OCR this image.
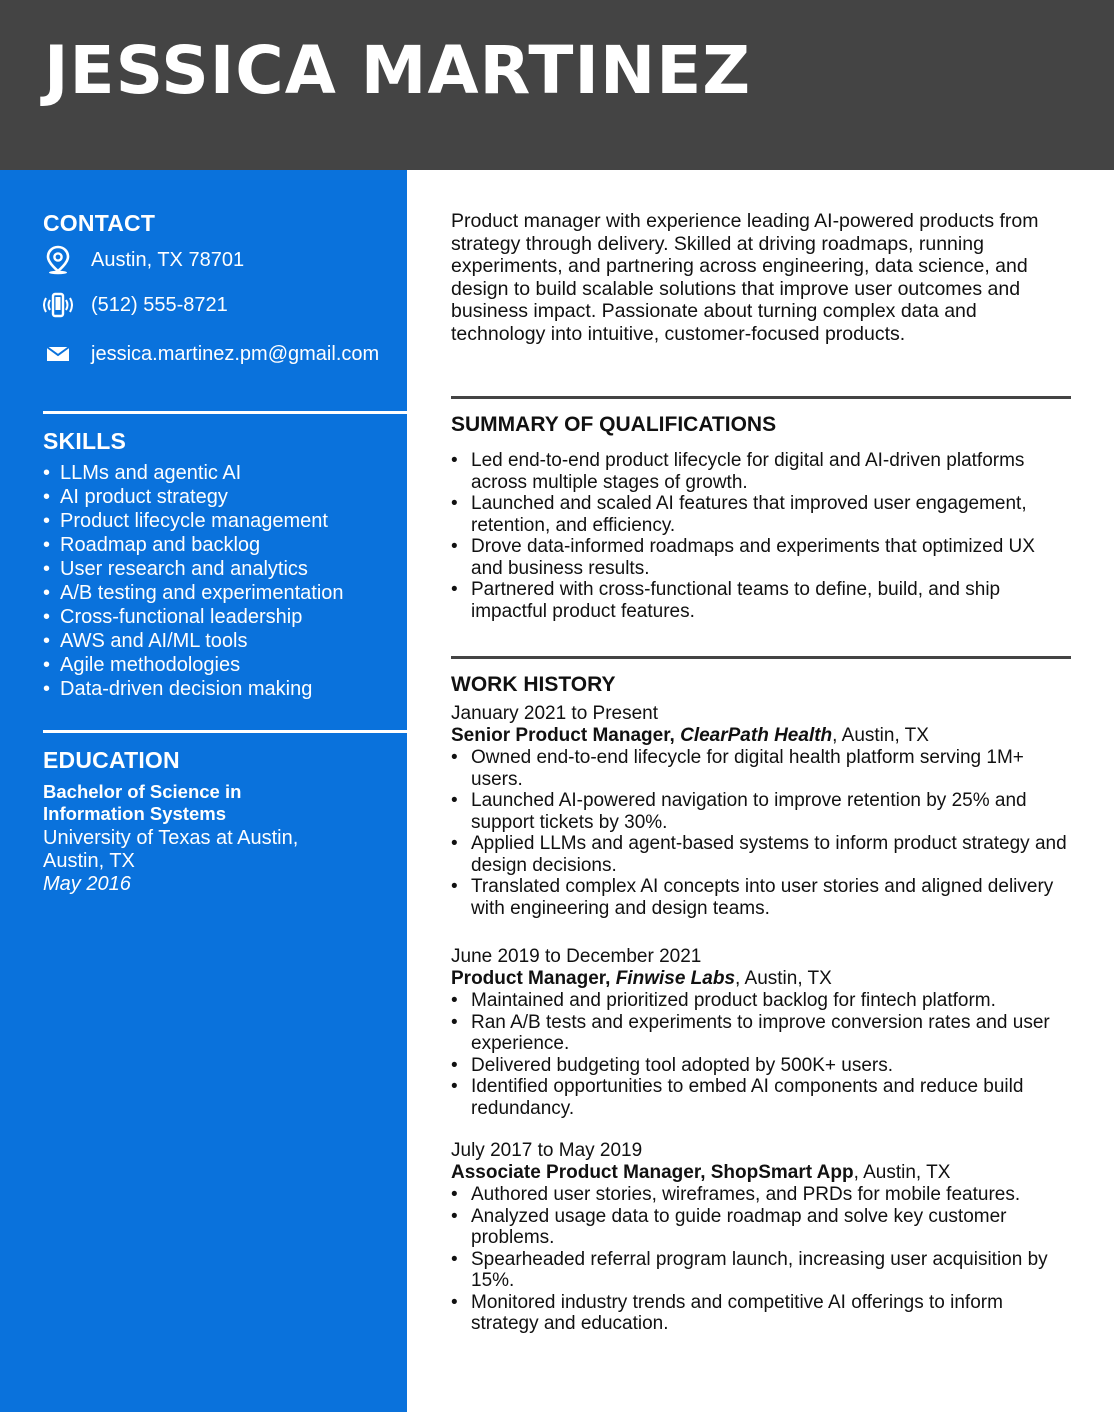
JESSICA MARTINEZ
CONTACT
Austin, TX 78701
(512) 555-8721
jessica.martinez.pm@gmail.com
SKILLS
• LLMs and agentic AI
• AI product strategy
• Product lifecycle management
• Roadmap and backlog
• User research and analytics
• A/B testing and experimentation
• Cross-functional leadership
• AWS and AI/ML tools
• Agile methodologies
• Data-driven decision making
EDUCATION
Bachelor of Science in
Information Systems
University of Texas at Austin,
Austin, TX
May 2016

Product manager with experience leading AI-powered products from strategy through delivery. Skilled at driving roadmaps, running experiments, and partnering across engineering, data science, and design to build scalable solutions that improve user outcomes and business impact. Passionate about turning complex data and technology into intuitive, customer-focused products.

SUMMARY OF QUALIFICATIONS
• Led end-to-end product lifecycle for digital and AI-driven platforms across multiple stages of growth.
• Launched and scaled AI features that improved user engagement, retention, and efficiency.
• Drove data-informed roadmaps and experiments that optimized UX and business results.
• Partnered with cross-functional teams to define, build, and ship impactful product features.
WORK HISTORY
January 2021 to Present
Senior Product Manager, ClearPath Health, Austin, TX
• Owned end-to-end lifecycle for digital health platform serving 1M+ users.
• Launched AI-powered navigation to improve retention by 25% and support tickets by 30%.
• Applied LLMs and agent-based systems to inform product strategy and design decisions.
• Translated complex AI concepts into user stories and aligned delivery with engineering and design teams.
June 2019 to December 2021
Product Manager, Finwise Labs, Austin, TX
• Maintained and prioritized product backlog for fintech platform.
• Ran A/B tests and experiments to improve conversion rates and user experience.
• Delivered budgeting tool adopted by 500K+ users.
• Identified opportunities to embed AI components and reduce build redundancy.
July 2017 to May 2019
Associate Product Manager, ShopSmart App, Austin, TX
• Authored user stories, wireframes, and PRDs for mobile features.
• Analyzed usage data to guide roadmap and solve key customer problems.
• Spearheaded referral program launch, increasing user acquisition by 15%.
• Monitored industry trends and competitive AI offerings to inform strategy and education.
